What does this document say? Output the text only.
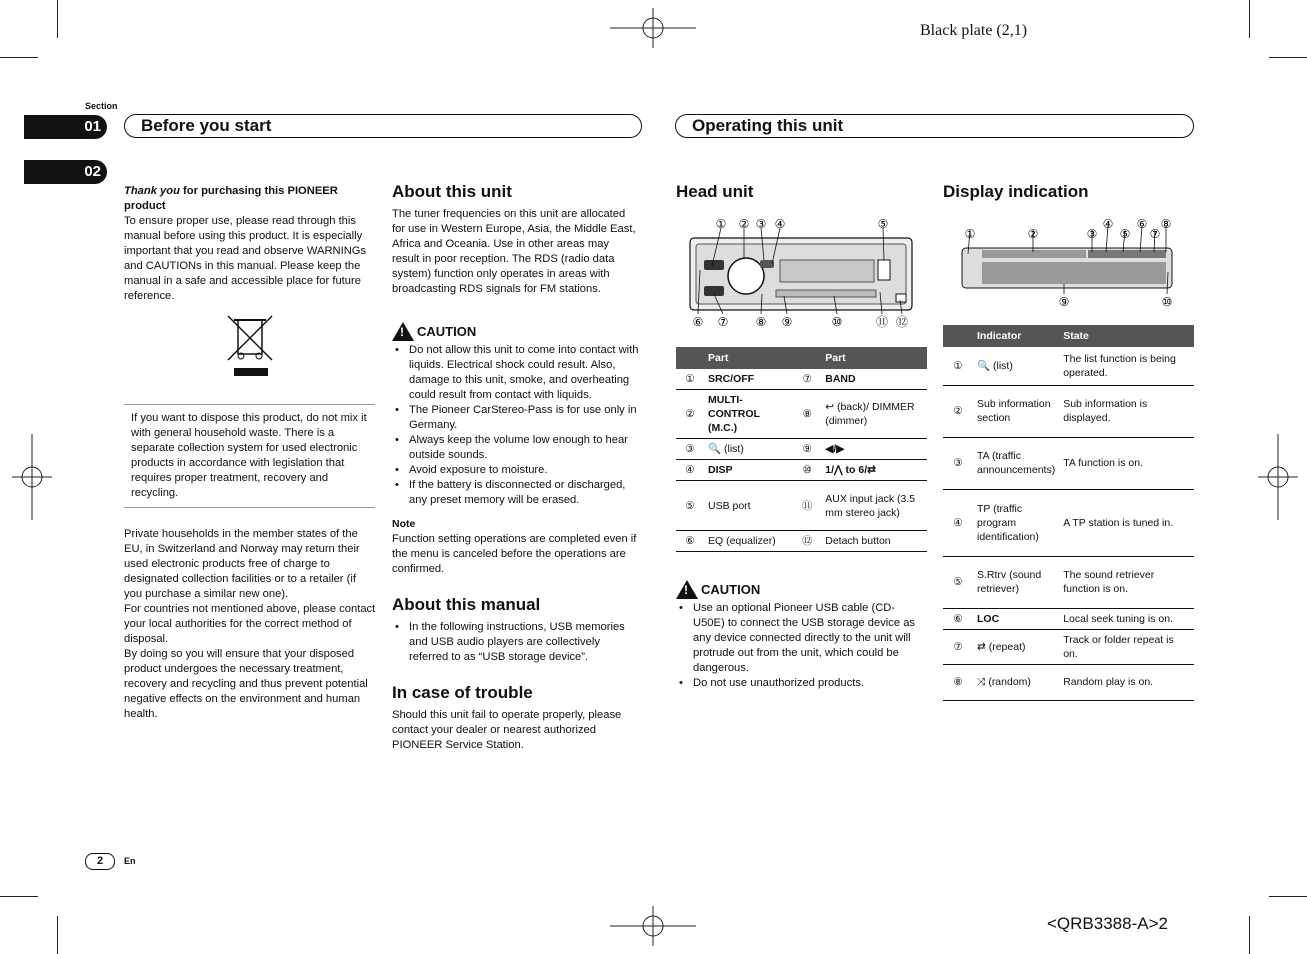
Black plate (2,1)
<QRB3388-A>2
Section
01
02
Before you start	Operating this unit

Thank you for purchasing this PIONEER product

To ensure proper use, please read through this manual before using this product. It is especially important that you read and observe WARNINGs and CAUTIONs in this manual. Please keep the manual in a safe and accessible place for future reference.

If you want to dispose this product, do not mix it with general household waste. There is a separate collection system for used electronic products in accordance with legislation that requires proper treatment, recovery and recycling.

Private households in the member states of the EU, in Switzerland and Norway may return their used electronic products free of charge to designated collection facilities or to a retailer (if you purchase a similar new one).

For countries not mentioned above, please contact your local authorities for the correct method of disposal.

By doing so you will ensure that your disposed product undergoes the necessary treatment, recovery and recycling and thus prevent potential negative effects on the environment and human health.

About this unit

The tuner frequencies on this unit are allocated for use in Western Europe, Asia, the Middle East, Africa and Oceania. Use in other areas may result in poor reception. The RDS (radio data system) function only operates in areas with broadcasting RDS signals for FM stations.

! CAUTION
• Do not allow this unit to come into contact with liquids. Electrical shock could result. Also, damage to this unit, smoke, and overheating could result from contact with liquids.
• The Pioneer CarStereo-Pass is for use only in Germany.
• Always keep the volume low enough to hear outside sounds.
• Avoid exposure to moisture.
• If the battery is disconnected or discharged, any preset memory will be erased.

Note

Function setting operations are completed even if the menu is canceled before the operations are confirmed.

About this manual
• In the following instructions, USB memories and USB audio players are collectively referred to as “USB storage device”.
In case of trouble

Should this unit fail to operate properly, please contact your dealer or nearest authorized PIONEER Service Station.

Head unit
① ② ③ ④	⑤
⑥ ⑦ ⑧ ⑨	⑩	⑪ ⑫
	Part		Part
①	SRC/OFF	⑦	BAND
②	MULTI-CONTROL (M.C.)	⑧	↩ (back)/ DIMMER (dimmer)
③	🔍 (list)	⑨	◀/▶
④	DISP	⑩	1/⋀ to 6/⇄
⑤	USB port	⑪	AUX input jack (3.5 mm stereo jack)
⑥	EQ (equalizer)	⑫	Detach button
! CAUTION
• Use an optional Pioneer USB cable (CD-U50E) to connect the USB storage device as any device connected directly to the unit will protrude out from the unit, which could be dangerous.
• Do not use unauthorized products.
Display indication
①	②	③
④
⑤
⑥
⑦
⑧
⑨	⑩
	Indicator	State
①	🔍 (list)	The list function is being operated.
②	Sub information section	Sub information is displayed.
③	TA (traffic announcements)	TA function is on.
④	TP (traffic program identification)	A TP station is tuned in.
⑤	S.Rtrv (sound retriever)	The sound retriever function is on.
⑥	LOC	Local seek tuning is on.
⑦	⇄ (repeat)	Track or folder repeat is on.
⑧	⤨ (random)	Random play is on.
2	En
